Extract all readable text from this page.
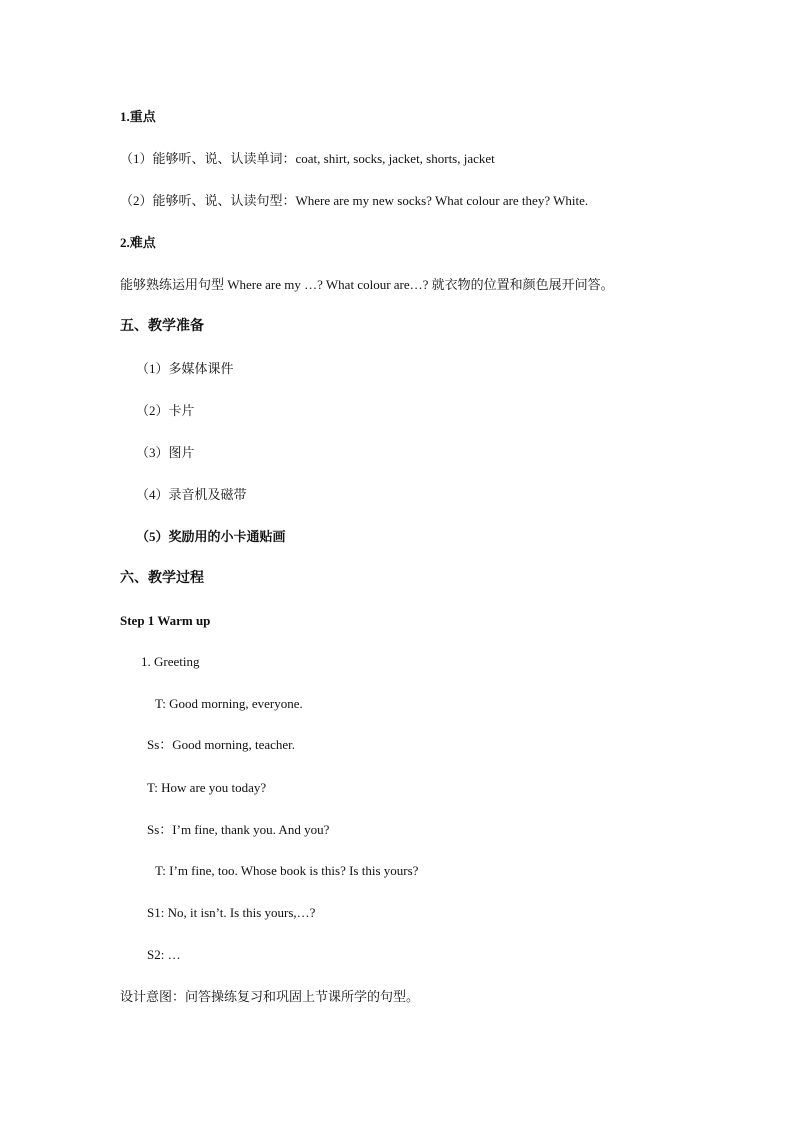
1.重点
（1）能够听、说、认读单词：coat, shirt, socks, jacket, shorts, jacket
（2）能够听、说、认读句型：Where are my new socks? What colour are they? White.
2.难点
能够熟练运用句型 Where are my …? What colour are…? 就衣物的位置和颜色展开问答。
五、教学准备
（1）多媒体课件
（2）卡片
（3）图片
（4）录音机及磁带
（5）奖励用的小卡通贴画
六、教学过程
Step 1 Warm up
1. Greeting
T: Good morning, everyone.
Ss：Good morning, teacher.
T: How are you today?
Ss：I’m fine, thank you. And you?
T: I’m fine, too. Whose book is this? Is this yours?
S1: No, it isn’t. Is this yours,…?
S2: …
设计意图：问答操练复习和巩固上节课所学的句型。
